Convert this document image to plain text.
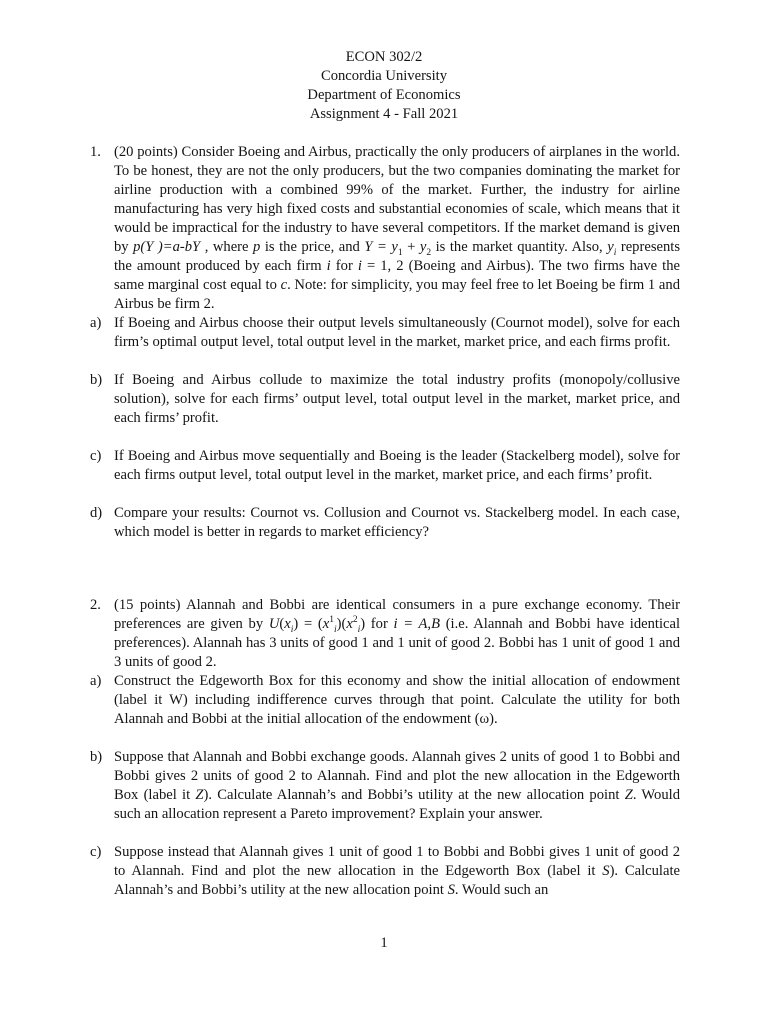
ECON 302/2
Concordia University
Department of Economics
Assignment 4 - Fall 2021
1. (20 points) Consider Boeing and Airbus, practically the only producers of airplanes in the world. To be honest, they are not the only producers, but the two companies dominating the market for airline production with a combined 99% of the market. Further, the industry for airline manufacturing has very high fixed costs and substantial economies of scale, which means that it would be impractical for the industry to have several competitors. If the market demand is given by p(Y )=a-bY , where p is the price, and $Y = y_1 + y_2$ is the market quantity. Also, $y_i$ represents the amount produced by each firm i for i = 1, 2 (Boeing and Airbus). The two firms have the same marginal cost equal to c. Note: for simplicity, you may feel free to let Boeing be firm 1 and Airbus be firm 2.
a) If Boeing and Airbus choose their output levels simultaneously (Cournot model), solve for each firm’s optimal output level, total output level in the market, market price, and each firms profit.
b) If Boeing and Airbus collude to maximize the total industry profits (monopoly/collusive solution), solve for each firms’ output level, total output level in the market, market price, and each firms’ profit.
c) If Boeing and Airbus move sequentially and Boeing is the leader (Stackelberg model), solve for each firms output level, total output level in the market, market price, and each firms’ profit.
d) Compare your results: Cournot vs. Collusion and Cournot vs. Stackelberg model. In each case, which model is better in regards to market efficiency?
2. (15 points) Alannah and Bobbi are identical consumers in a pure exchange economy. Their preferences are given by $U(x_i) = (x^1_i)(x^2_i)$ for i = A,B (i.e. Alannah and Bobbi have identical preferences). Alannah has 3 units of good 1 and 1 unit of good 2. Bobbi has 1 unit of good 1 and 3 units of good 2.
a) Construct the Edgeworth Box for this economy and show the initial allocation of endowment (label it W) including indifference curves through that point. Calculate the utility for both Alannah and Bobbi at the initial allocation of the endowment (ω).
b) Suppose that Alannah and Bobbi exchange goods. Alannah gives 2 units of good 1 to Bobbi and Bobbi gives 2 units of good 2 to Alannah. Find and plot the new allocation in the Edgeworth Box (label it Z). Calculate Alannah’s and Bobbi’s utility at the new allocation point Z. Would such an allocation represent a Pareto improvement? Explain your answer.
c) Suppose instead that Alannah gives 1 unit of good 1 to Bobbi and Bobbi gives 1 unit of good 2 to Alannah. Find and plot the new allocation in the Edgeworth Box (label it S). Calculate Alannah’s and Bobbi’s utility at the new allocation point S. Would such an
1
